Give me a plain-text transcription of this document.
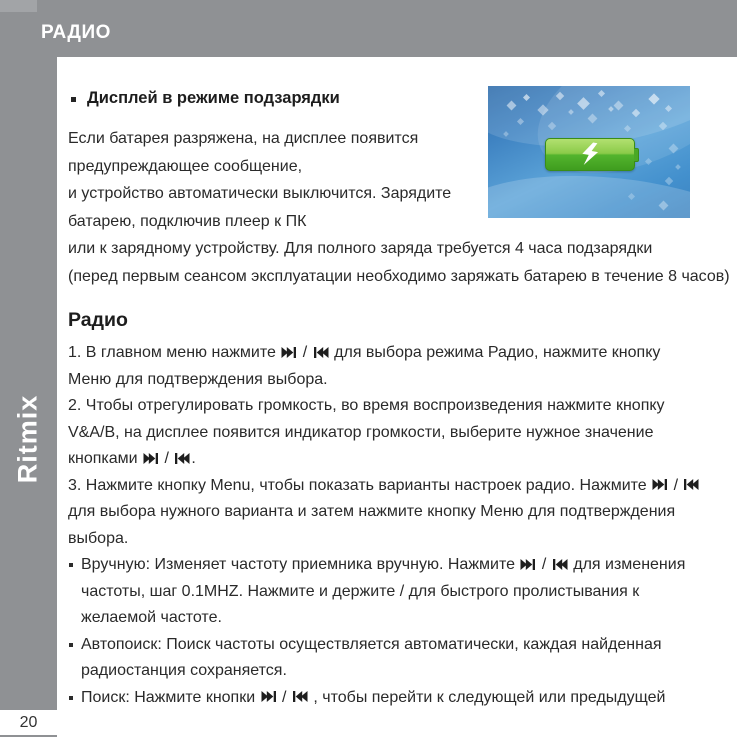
РАДИО
Ritmix
20
Дисплей в режиме подзарядки
Если батарея разряжена, на дисплее появится
предупреждающее сообщение,
и устройство автоматически выключится. Зарядите
батарею, подключив плеер к ПК
или к зарядному устройству. Для полного заряда требуется 4 часа подзарядки
(перед первым сеансом эксплуатации необходимо заряжать батарею в течение 8 часов)
Радио
1. В главном меню нажмите  /  для выбора режима Радио, нажмите кнопку
Меню для подтверждения выбора.
2. Чтобы отрегулировать громкость, во время воспроизведения нажмите кнопку
V&A/B, на дисплее появится индикатор громкости, выберите нужное значение
кнопками  / .
3. Нажмите кнопку Menu, чтобы показать варианты настроек радио. Нажмите  /
для выбора нужного варианта и затем нажмите кнопку Меню для подтверждения
выбора.
Вручную: Изменяет частоту приемника вручную. Нажмите  /  для изменения
частоты, шаг 0.1MHZ. Нажмите и держите / для быстрого пролистывания к
желаемой частоте.
Автопоиск: Поиск частоты осуществляется автоматически, каждая найденная
радиостанция сохраняется.
Поиск: Нажмите кнопки  /  , чтобы перейти к следующей или предыдущей
